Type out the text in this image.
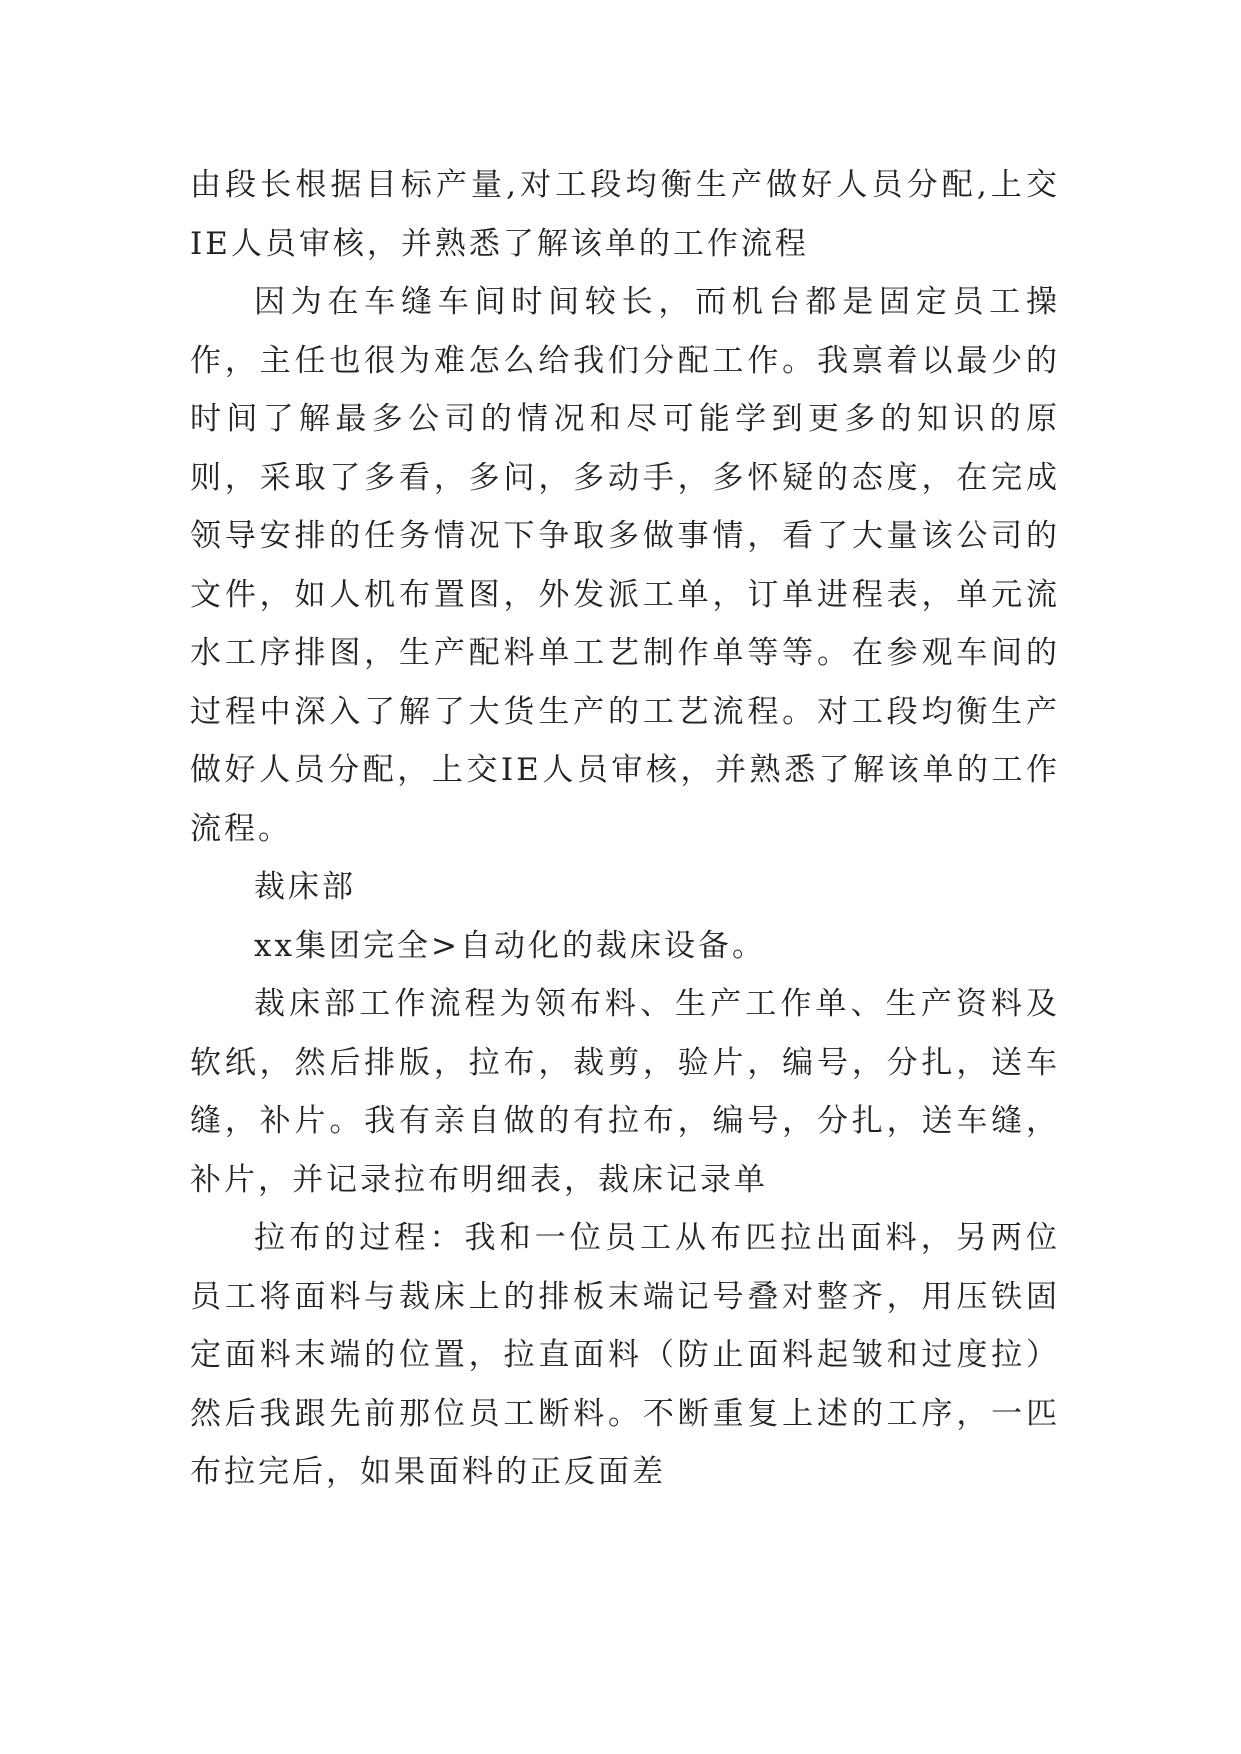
由段长根据目标产量,对工段均衡生产做好人员分配,上交IE人员审核，并熟悉了解该单的工作流程

因为在车缝车间时间较长，而机台都是固定员工操作，主任也很为难怎么给我们分配工作。我禀着以最少的时间了解最多公司的情况和尽可能学到更多的知识的原则，采取了多看，多问，多动手，多怀疑的态度，在完成领导安排的任务情况下争取多做事情，看了大量该公司的文件，如人机布置图，外发派工单，订单进程表，单元流水工序排图，生产配料单工艺制作单等等。在参观车间的过程中深入了解了大货生产的工艺流程。对工段均衡生产做好人员分配，上交IE人员审核，并熟悉了解该单的工作流程。

裁床部

xx集团完全>自动化的裁床设备。

裁床部工作流程为领布料、生产工作单、生产资料及软纸，然后排版，拉布，裁剪，验片，编号，分扎，送车缝，补片。我有亲自做的有拉布，编号，分扎，送车缝，补片，并记录拉布明细表，裁床记录单

拉布的过程：我和一位员工从布匹拉出面料，另两位员工将面料与裁床上的排板末端记号叠对整齐，用压铁固定面料末端的位置，拉直面料（防止面料起皱和过度拉）然后我跟先前那位员工断料。不断重复上述的工序，一匹布拉完后，如果面料的正反面差
